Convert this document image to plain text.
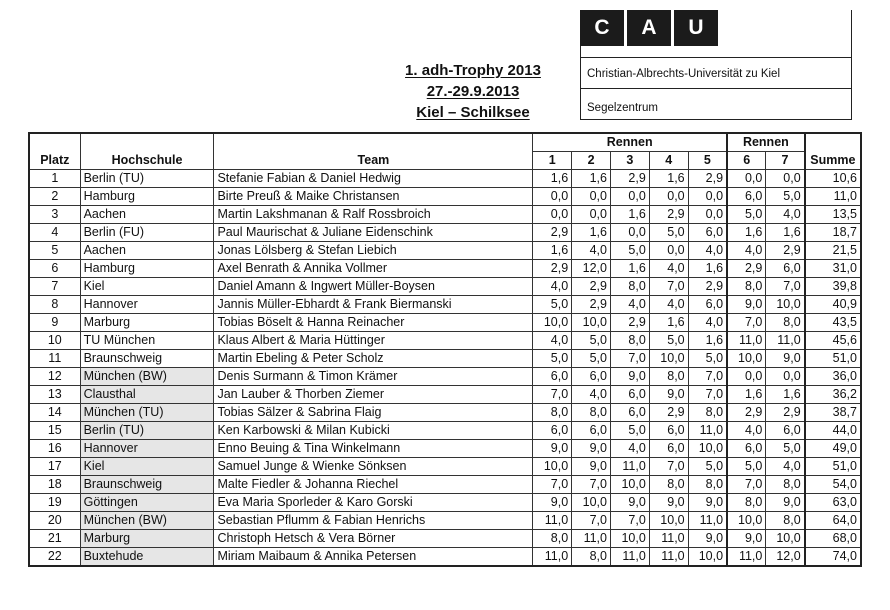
1. adh-Trophy 2013
27.-29.9.2013
Kiel – Schilksee
C	A	U
Christian-Albrechts-Universität zu Kiel
Segelzentrum
			Rennen					Rennen		
Platz	Hochschule	Team	1	2	3	4	5	6	7	Summe
1	Berlin (TU)	Stefanie Fabian & Daniel Hedwig	1,6	1,6	2,9	1,6	2,9	0,0	0,0	10,6
2	Hamburg	Birte Preuß & Maike Christansen	0,0	0,0	0,0	0,0	0,0	6,0	5,0	11,0
3	Aachen	Martin Lakshmanan & Ralf Rossbroich	0,0	0,0	1,6	2,9	0,0	5,0	4,0	13,5
4	Berlin (FU)	Paul Maurischat & Juliane Eidenschink	2,9	1,6	0,0	5,0	6,0	1,6	1,6	18,7
5	Aachen	Jonas Lölsberg & Stefan Liebich	1,6	4,0	5,0	0,0	4,0	4,0	2,9	21,5
6	Hamburg	Axel Benrath & Annika Vollmer	2,9	12,0	1,6	4,0	1,6	2,9	6,0	31,0
7	Kiel	Daniel Amann & Ingwert Müller-Boysen	4,0	2,9	8,0	7,0	2,9	8,0	7,0	39,8
8	Hannover	Jannis Müller-Ebhardt & Frank Biermanski	5,0	2,9	4,0	4,0	6,0	9,0	10,0	40,9
9	Marburg	Tobias Böselt & Hanna Reinacher	10,0	10,0	2,9	1,6	4,0	7,0	8,0	43,5
10	TU München	Klaus Albert & Maria Hüttinger	4,0	5,0	8,0	5,0	1,6	11,0	11,0	45,6
11	Braunschweig	Martin Ebeling & Peter Scholz	5,0	5,0	7,0	10,0	5,0	10,0	9,0	51,0
12	München (BW)	Denis Surmann & Timon Krämer	6,0	6,0	9,0	8,0	7,0	0,0	0,0	36,0
13	Clausthal	Jan Lauber & Thorben Ziemer	7,0	4,0	6,0	9,0	7,0	1,6	1,6	36,2
14	München (TU)	Tobias Sälzer & Sabrina Flaig	8,0	8,0	6,0	2,9	8,0	2,9	2,9	38,7
15	Berlin (TU)	Ken Karbowski & Milan Kubicki	6,0	6,0	5,0	6,0	11,0	4,0	6,0	44,0
16	Hannover	Enno Beuing & Tina Winkelmann	9,0	9,0	4,0	6,0	10,0	6,0	5,0	49,0
17	Kiel	Samuel Junge & Wienke Sönksen	10,0	9,0	11,0	7,0	5,0	5,0	4,0	51,0
18	Braunschweig	Malte Fiedler & Johanna Riechel	7,0	7,0	10,0	8,0	8,0	7,0	8,0	54,0
19	Göttingen	Eva Maria Sporleder & Karo Gorski	9,0	10,0	9,0	9,0	9,0	8,0	9,0	63,0
20	München (BW)	Sebastian Pflumm & Fabian Henrichs	11,0	7,0	7,0	10,0	11,0	10,0	8,0	64,0
21	Marburg	Christoph Hetsch & Vera Börner	8,0	11,0	10,0	11,0	9,0	9,0	10,0	68,0
22	Buxtehude	Miriam Maibaum & Annika Petersen	11,0	8,0	11,0	11,0	10,0	11,0	12,0	74,0
